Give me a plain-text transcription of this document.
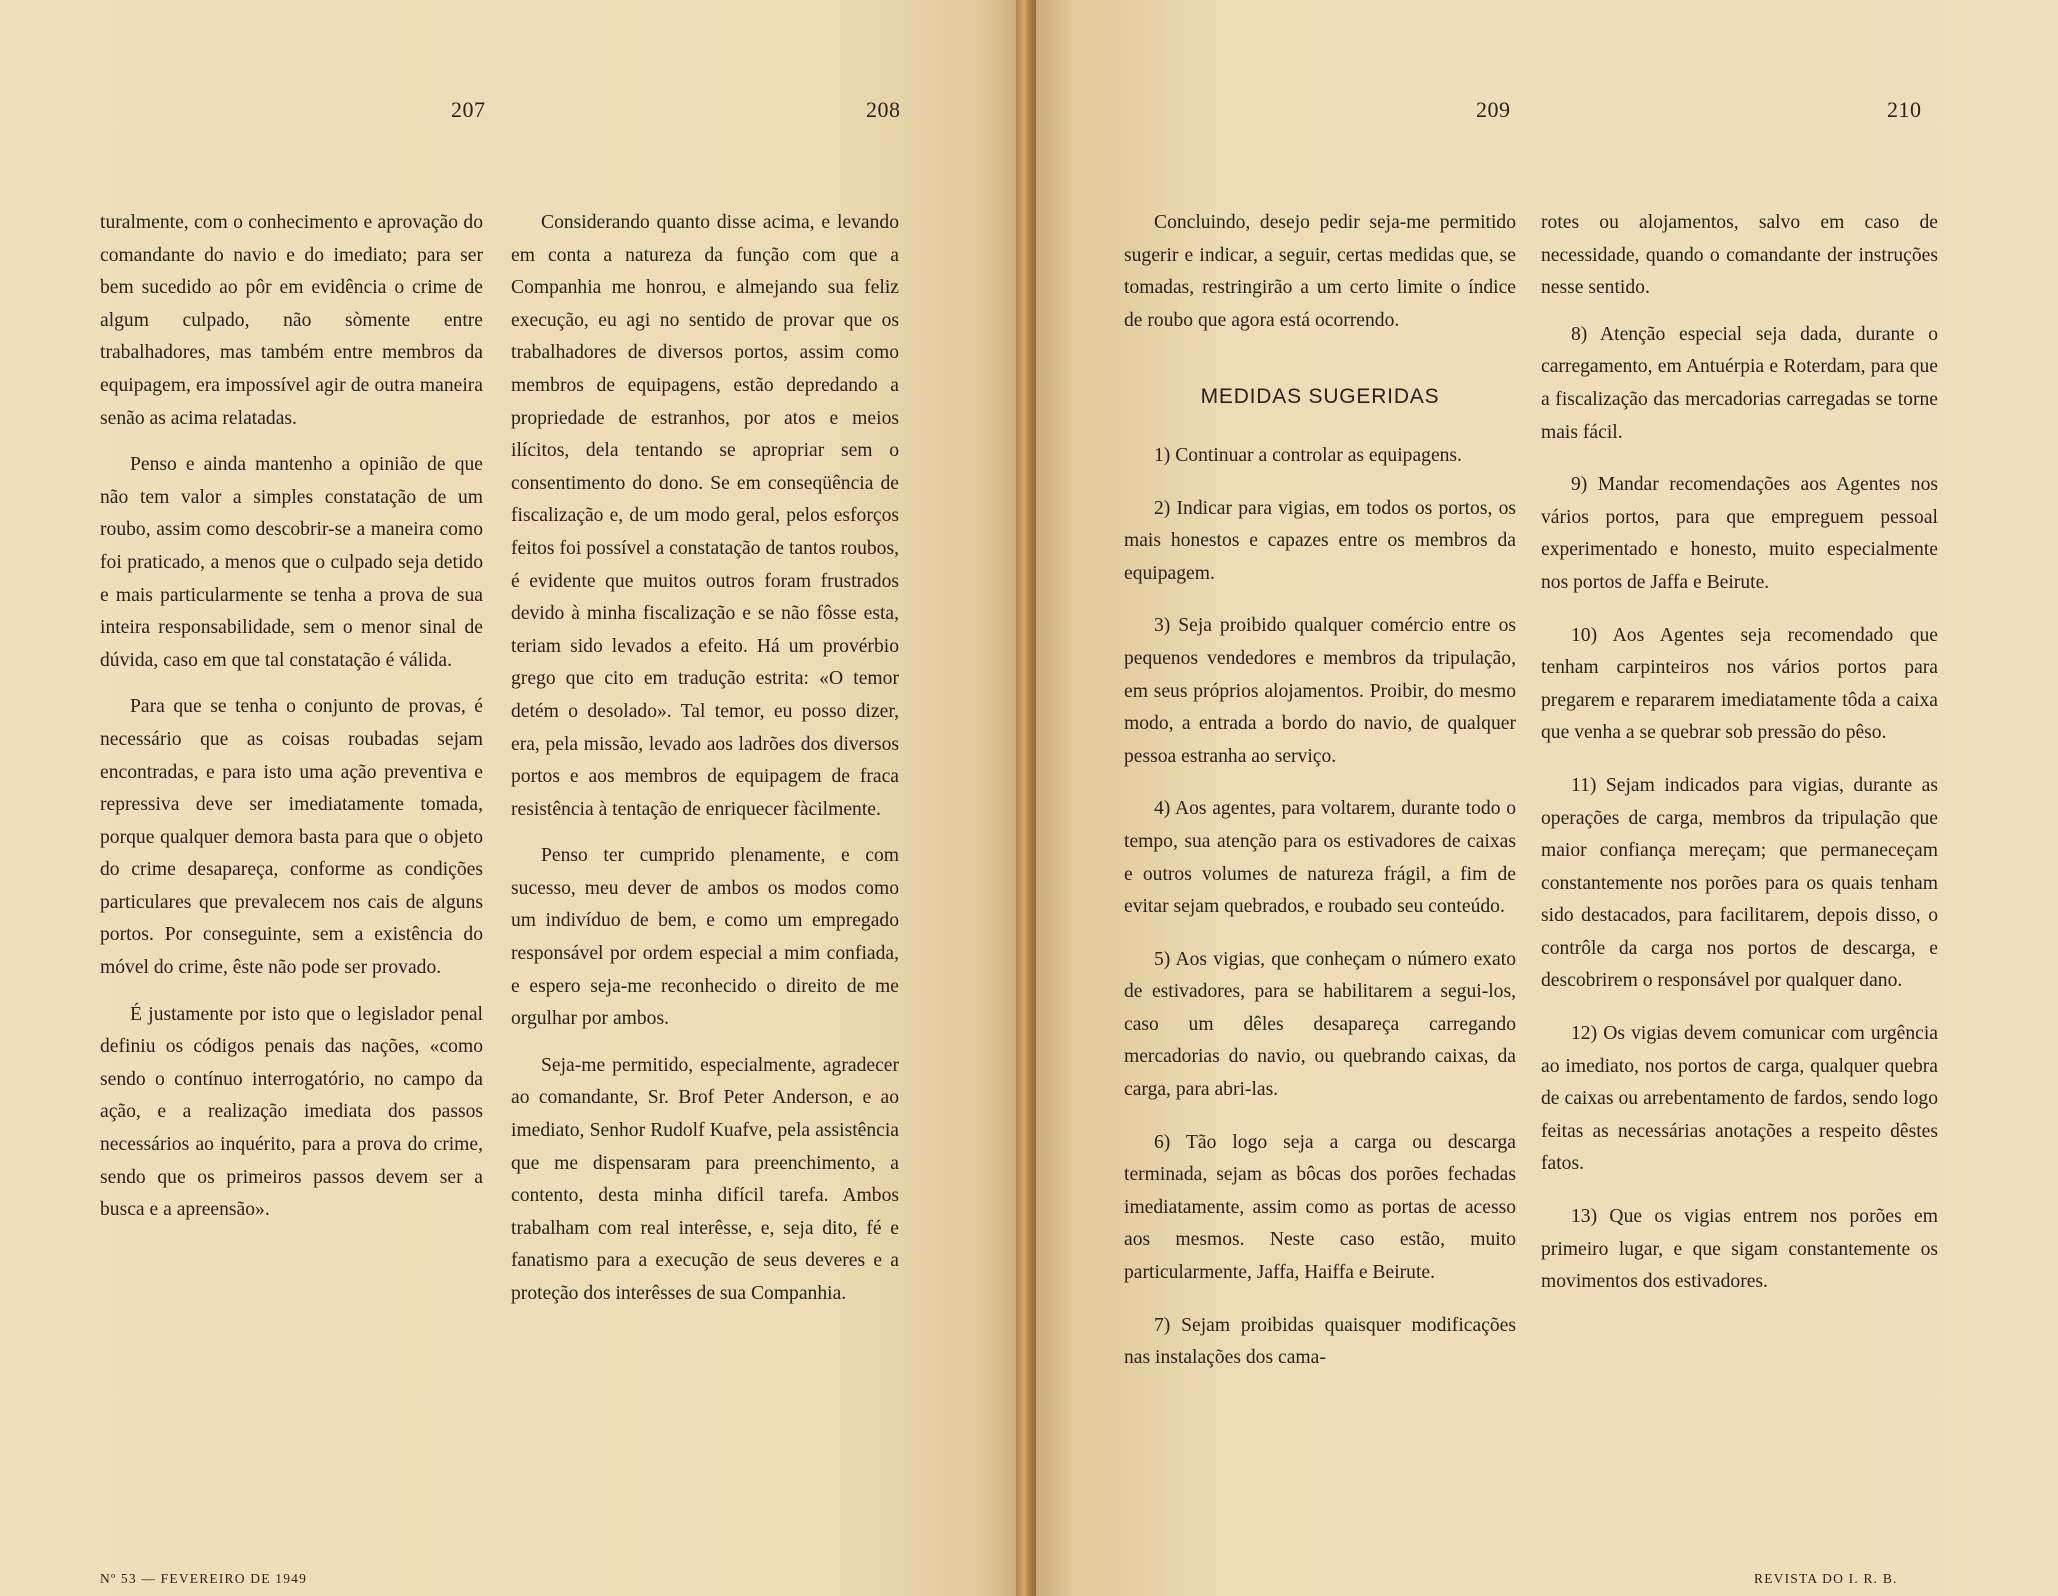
207	208	209	210

turalmente, com o conhecimento e aprovação do comandante do navio e do imediato; para ser bem sucedido ao pôr em evidência o crime de algum culpado, não sòmente entre trabalhadores, mas também entre membros da equipagem, era impossível agir de outra maneira senão as acima relatadas.

Penso e ainda mantenho a opinião de que não tem valor a simples constatação de um roubo, assim como descobrir-se a maneira como foi praticado, a menos que o culpado seja detido e mais particularmente se tenha a prova de sua inteira responsabilidade, sem o menor sinal de dúvida, caso em que tal constatação é válida.

Para que se tenha o conjunto de provas, é necessário que as coisas roubadas sejam encontradas, e para isto uma ação preventiva e repressiva deve ser imediatamente tomada, porque qualquer demora basta para que o objeto do crime desapareça, conforme as condições particulares que prevalecem nos cais de alguns portos. Por conseguinte, sem a existência do móvel do crime, êste não pode ser provado.

É justamente por isto que o legislador penal definiu os códigos penais das nações, «como sendo o contínuo interrogatório, no campo da ação, e a realização imediata dos passos necessários ao inquérito, para a prova do crime, sendo que os primeiros passos devem ser a busca e a apreensão».

Considerando quanto disse acima, e levando em conta a natureza da função com que a Companhia me honrou, e almejando sua feliz execução, eu agi no sentido de provar que os trabalhadores de diversos portos, assim como membros de equipagens, estão depredando a propriedade de estranhos, por atos e meios ilícitos, dela tentando se apropriar sem o consentimento do dono. Se em conseqüência de fiscalização e, de um modo geral, pelos esforços feitos foi possível a constatação de tantos roubos, é evidente que muitos outros foram frustrados devido à minha fiscalização e se não fôsse esta, teriam sido levados a efeito. Há um provérbio grego que cito em tradução estrita: «O temor detém o desolado». Tal temor, eu posso dizer, era, pela missão, levado aos ladrões dos diversos portos e aos membros de equipagem de fraca resistência à tentação de enriquecer fàcilmente.

Penso ter cumprido plenamente, e com sucesso, meu dever de ambos os modos como um indivíduo de bem, e como um empregado responsável por ordem especial a mim confiada, e espero seja-me reconhecido o direito de me orgulhar por ambos.

Seja-me permitido, especialmente, agradecer ao comandante, Sr. Brof Peter Anderson, e ao imediato, Senhor Rudolf Kuafve, pela assistência que me dispensaram para preenchimento, a contento, desta minha difícil tarefa. Ambos trabalham com real interêsse, e, seja dito, fé e fanatismo para a execução de seus deveres e a proteção dos interêsses de sua Companhia.

Concluindo, desejo pedir seja-me permitido sugerir e indicar, a seguir, certas medidas que, se tomadas, restringirão a um certo limite o índice de roubo que agora está ocorrendo.

MEDIDAS SUGERIDAS

1) Continuar a controlar as equipagens.

2) Indicar para vigias, em todos os portos, os mais honestos e capazes entre os membros da equipagem.

3) Seja proibido qualquer comércio entre os pequenos vendedores e membros da tripulação, em seus próprios alojamentos. Proibir, do mesmo modo, a entrada a bordo do navio, de qualquer pessoa estranha ao serviço.

4) Aos agentes, para voltarem, durante todo o tempo, sua atenção para os estivadores de caixas e outros volumes de natureza frágil, a fim de evitar sejam quebrados, e roubado seu conteúdo.

5) Aos vigias, que conheçam o número exato de estivadores, para se habilitarem a segui-los, caso um dêles desapareça carregando mercadorias do navio, ou quebrando caixas, da carga, para abri-las.

6) Tão logo seja a carga ou descarga terminada, sejam as bôcas dos porões fechadas imediatamente, assim como as portas de acesso aos mesmos. Neste caso estão, muito particularmente, Jaffa, Haiffa e Beirute.

7) Sejam proibidas quaisquer modificações nas instalações dos cama-

rotes ou alojamentos, salvo em caso de necessidade, quando o comandante der instruções nesse sentido.

8) Atenção especial seja dada, durante o carregamento, em Antuérpia e Roterdam, para que a fiscalização das mercadorias carregadas se torne mais fácil.

9) Mandar recomendações aos Agentes nos vários portos, para que empreguem pessoal experimentado e honesto, muito especialmente nos portos de Jaffa e Beirute.

10) Aos Agentes seja recomendado que tenham carpinteiros nos vários portos para pregarem e repararem imediatamente tôda a caixa que venha a se quebrar sob pressão do pêso.

11) Sejam indicados para vigias, durante as operações de carga, membros da tripulação que maior confiança mereçam; que permaneceçam constantemente nos porões para os quais tenham sido destacados, para facilitarem, depois disso, o contrôle da carga nos portos de descarga, e descobrirem o responsável por qualquer dano.

12) Os vigias devem comunicar com urgência ao imediato, nos portos de carga, qualquer quebra de caixas ou arrebentamento de fardos, sendo logo feitas as necessárias anotações a respeito dêstes fatos.

13) Que os vigias entrem nos porões em primeiro lugar, e que sigam constantemente os movimentos dos estivadores.

Nº 53 — FEVEREIRO DE 1949	REVISTA DO I. R. B.
